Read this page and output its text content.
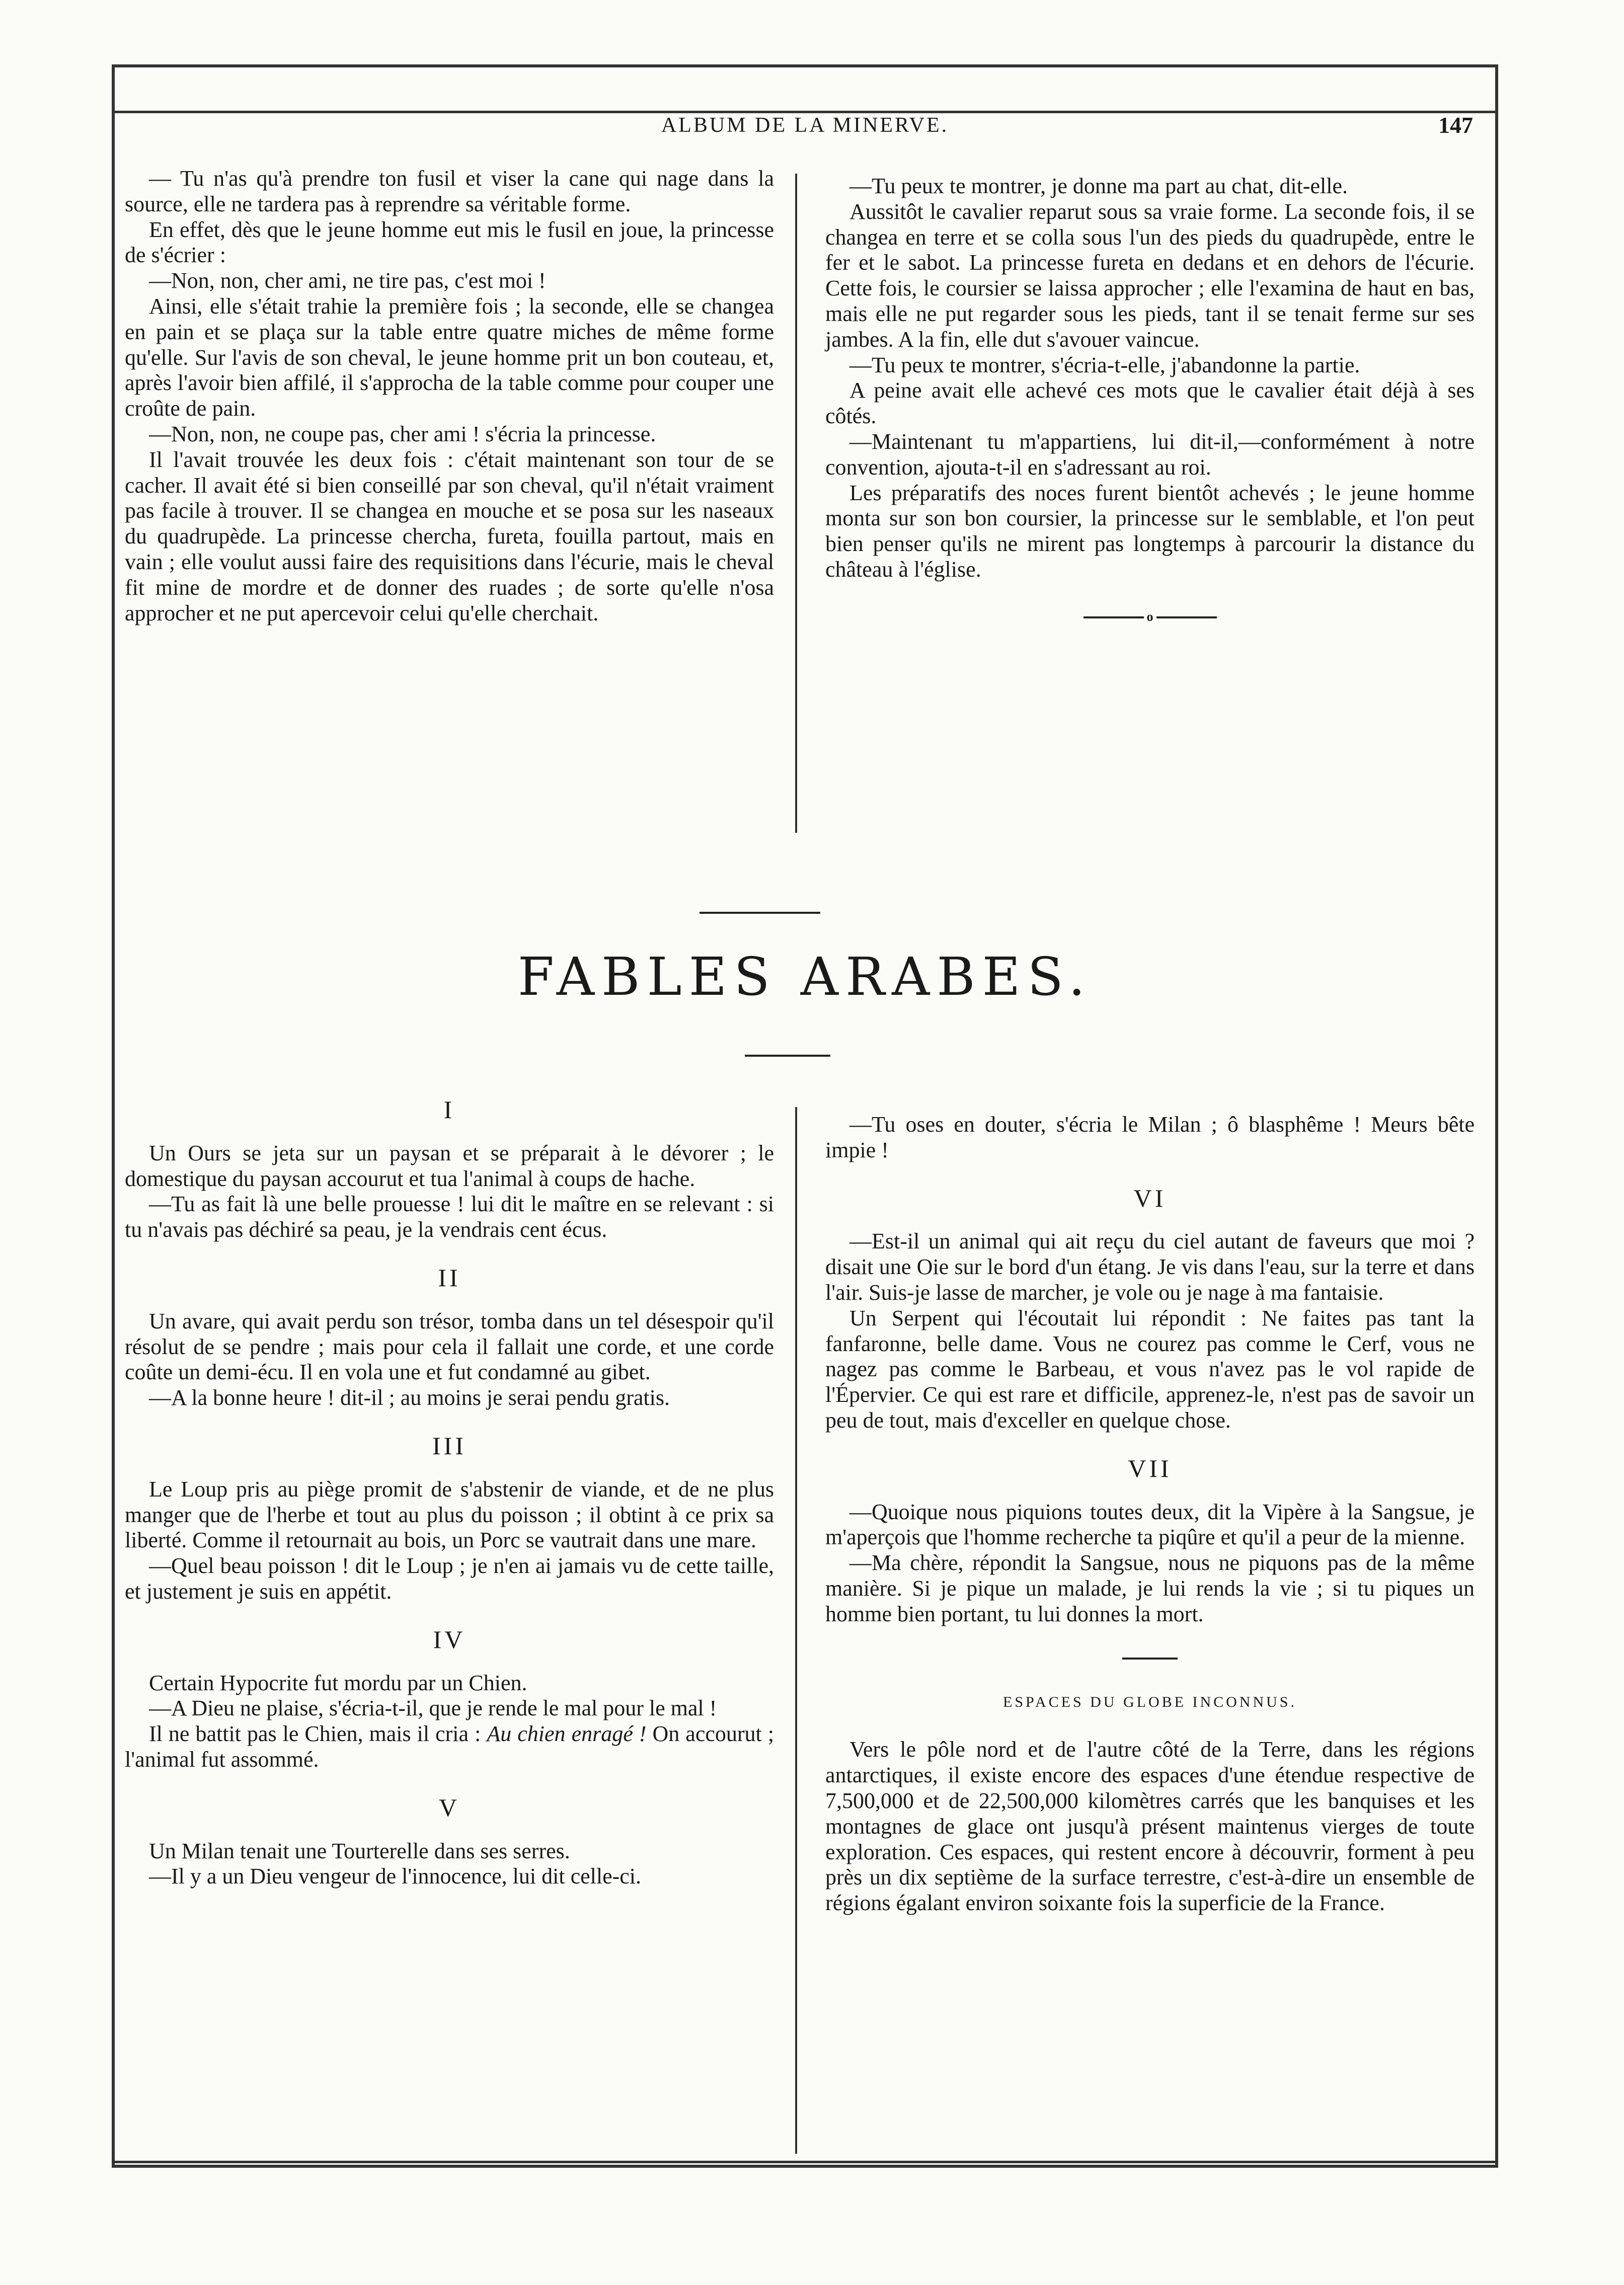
ALBUM DE LA MINERVE.	147

— Tu n'as qu'à prendre ton fusil et viser la cane qui nage dans la source, elle ne tardera pas à reprendre sa véritable forme.

En effet, dès que le jeune homme eut mis le fusil en joue, la princesse de s'écrier :

—Non, non, cher ami, ne tire pas, c'est moi !

Ainsi, elle s'était trahie la première fois ; la seconde, elle se changea en pain et se plaça sur la table entre quatre miches de même forme qu'elle. Sur l'avis de son cheval, le jeune homme prit un bon couteau, et, après l'avoir bien affilé, il s'approcha de la table comme pour couper une croûte de pain.

—Non, non, ne coupe pas, cher ami ! s'écria la princesse.

Il l'avait trouvée les deux fois : c'était maintenant son tour de se cacher. Il avait été si bien conseillé par son cheval, qu'il n'était vraiment pas facile à trouver. Il se changea en mouche et se posa sur les naseaux du quadrupède. La princesse chercha, fureta, fouilla partout, mais en vain ; elle voulut aussi faire des requisitions dans l'écurie, mais le cheval fit mine de mordre et de donner des ruades ; de sorte qu'elle n'osa approcher et ne put apercevoir celui qu'elle cherchait.

—Tu peux te montrer, je donne ma part au chat, dit-elle.

Aussitôt le cavalier reparut sous sa vraie forme. La seconde fois, il se changea en terre et se colla sous l'un des pieds du quadrupède, entre le fer et le sabot. La princesse fureta en dedans et en dehors de l'écurie. Cette fois, le coursier se laissa approcher ; elle l'examina de haut en bas, mais elle ne put regarder sous les pieds, tant il se tenait ferme sur ses jambes. A la fin, elle dut s'avouer vaincue.

—Tu peux te montrer, s'écria-t-elle, j'abandonne la partie.

A peine avait elle achevé ces mots que le cavalier était déjà à ses côtés.

—Maintenant tu m'appartiens, lui dit-il,—conformément à notre convention, ajouta-t-il en s'adressant au roi.

Les préparatifs des noces furent bientôt achevés ; le jeune homme monta sur son bon coursier, la princesse sur le semblable, et l'on peut bien penser qu'ils ne mirent pas longtemps à parcourir la distance du château à l'église.

o
FABLES ARABES.

I

Un Ours se jeta sur un paysan et se préparait à le dévorer ; le domestique du paysan accourut et tua l'animal à coups de hache.

—Tu as fait là une belle prouesse ! lui dit le maître en se relevant : si tu n'avais pas déchiré sa peau, je la vendrais cent écus.

II

Un avare, qui avait perdu son trésor, tomba dans un tel désespoir qu'il résolut de se pendre ; mais pour cela il fallait une corde, et une corde coûte un demi-écu. Il en vola une et fut condamné au gibet.

—A la bonne heure ! dit-il ; au moins je serai pendu gratis.

III

Le Loup pris au piège promit de s'abstenir de viande, et de ne plus manger que de l'herbe et tout au plus du poisson ; il obtint à ce prix sa liberté. Comme il retournait au bois, un Porc se vautrait dans une mare.

—Quel beau poisson ! dit le Loup ; je n'en ai jamais vu de cette taille, et justement je suis en appétit.

IV

Certain Hypocrite fut mordu par un Chien.

—A Dieu ne plaise, s'écria-t-il, que je rende le mal pour le mal !

Il ne battit pas le Chien, mais il cria : Au chien enragé ! On accourut ; l'animal fut assommé.

V

Un Milan tenait une Tourterelle dans ses serres.

—Il y a un Dieu vengeur de l'innocence, lui dit celle-ci.

—Tu oses en douter, s'écria le Milan ; ô blasphême ! Meurs bête impie !

VI

—Est-il un animal qui ait reçu du ciel autant de faveurs que moi ? disait une Oie sur le bord d'un étang. Je vis dans l'eau, sur la terre et dans l'air. Suis-je lasse de marcher, je vole ou je nage à ma fantaisie.

Un Serpent qui l'écoutait lui répondit : Ne faites pas tant la fanfaronne, belle dame. Vous ne courez pas comme le Cerf, vous ne nagez pas comme le Barbeau, et vous n'avez pas le vol rapide de l'Épervier. Ce qui est rare et difficile, apprenez-le, n'est pas de savoir un peu de tout, mais d'exceller en quelque chose.

VII

—Quoique nous piquions toutes deux, dit la Vipère à la Sangsue, je m'aperçois que l'homme recherche ta piqûre et qu'il a peur de la mienne.

—Ma chère, répondit la Sangsue, nous ne piquons pas de la même manière. Si je pique un malade, je lui rends la vie ; si tu piques un homme bien portant, tu lui donnes la mort.

ESPACES DU GLOBE INCONNUS.

Vers le pôle nord et de l'autre côté de la Terre, dans les régions antarctiques, il existe encore des espaces d'une étendue respective de 7,500,000 et de 22,500,000 kilomètres carrés que les banquises et les montagnes de glace ont jusqu'à présent maintenus vierges de toute exploration. Ces espaces, qui restent encore à découvrir, forment à peu près un dix septième de la surface terrestre, c'est-à-dire un ensemble de régions égalant environ soixante fois la superficie de la France.
